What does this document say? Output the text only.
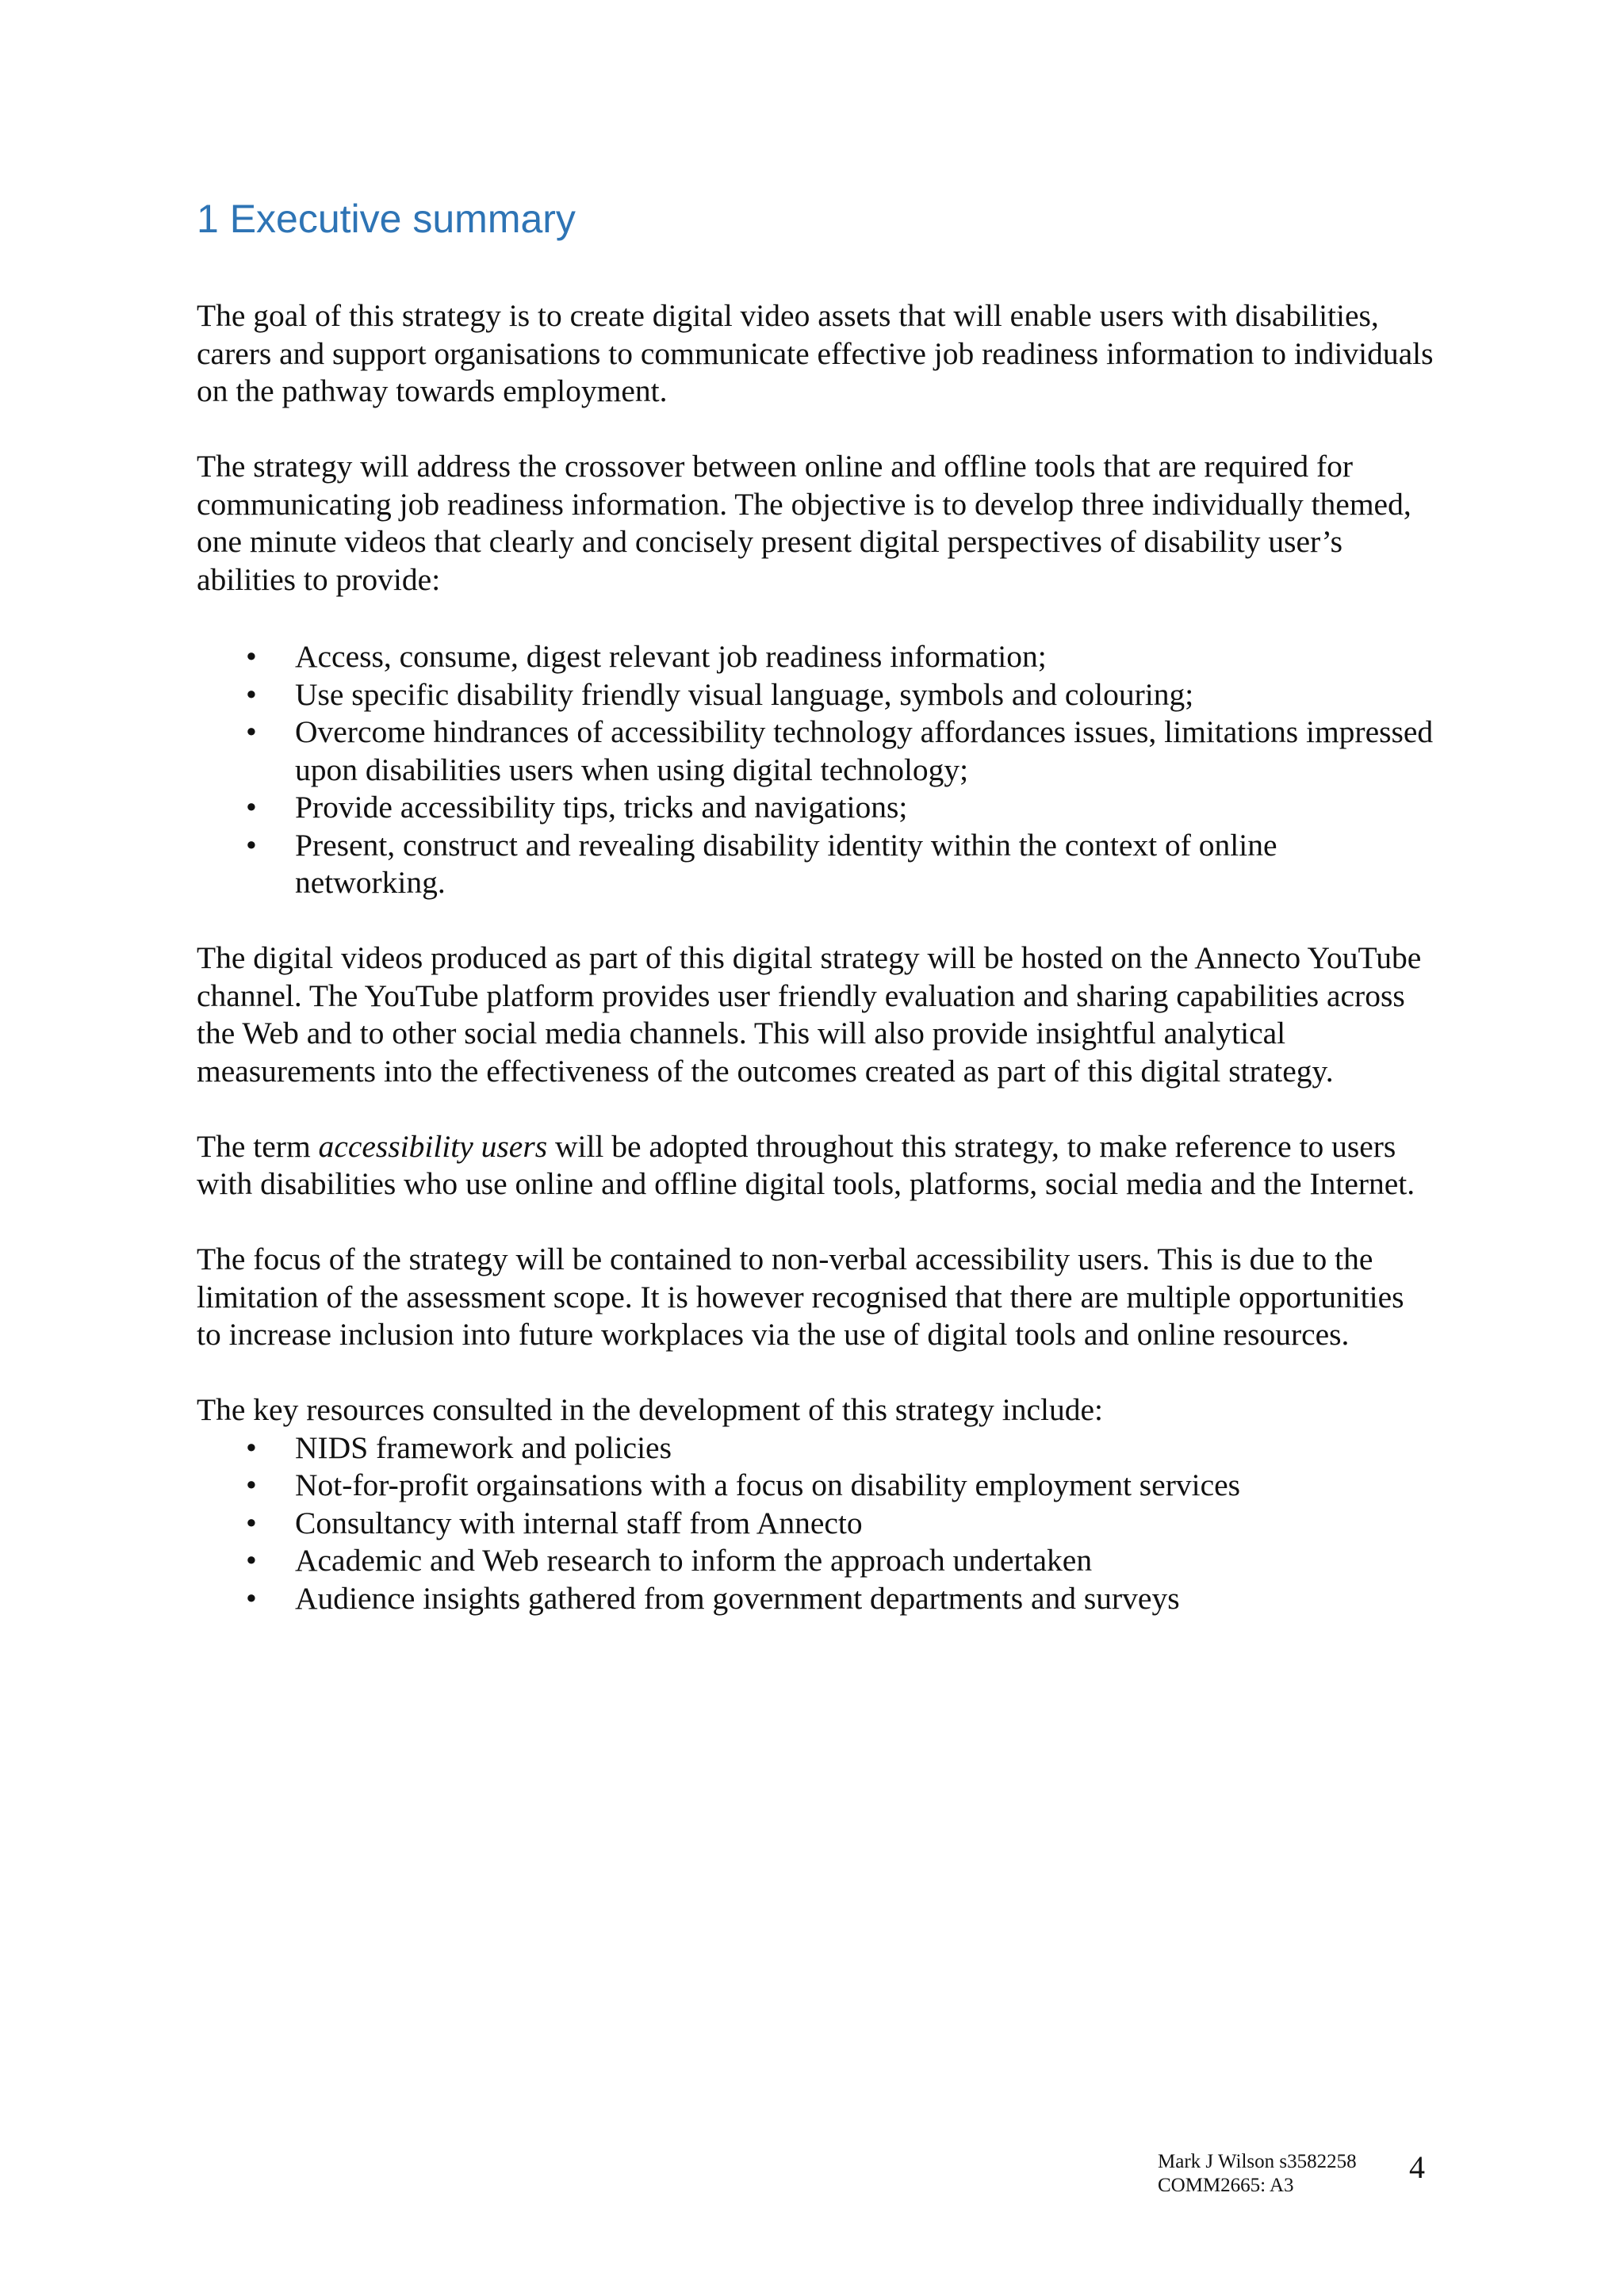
1 Executive summary

The goal of this strategy is to create digital video assets that will enable users with disabilities, carers and support organisations to communicate effective job readiness information to individuals on the pathway towards employment.

The strategy will address the crossover between online and offline tools that are required for communicating job readiness information. The objective is to develop three individually themed, one minute videos that clearly and concisely present digital perspectives of disability user’s abilities to provide:

• Access, consume, digest relevant job readiness information;
• Use specific disability friendly visual language, symbols and colouring;
• Overcome hindrances of accessibility technology affordances issues, limitations impressed upon disabilities users when using digital technology;
• Provide accessibility tips, tricks and navigations;
• Present, construct and revealing disability identity within the context of online networking.

The digital videos produced as part of this digital strategy will be hosted on the Annecto YouTube channel. The YouTube platform provides user friendly evaluation and sharing capabilities across the Web and to other social media channels. This will also provide insightful analytical measurements into the effectiveness of the outcomes created as part of this digital strategy.

The term accessibility users will be adopted throughout this strategy, to make reference to users with disabilities who use online and offline digital tools, platforms, social media and the Internet.

The focus of the strategy will be contained to non-verbal accessibility users. This is due to the limitation of the assessment scope. It is however recognised that there are multiple opportunities to increase inclusion into future workplaces via the use of digital tools and online resources.

The key resources consulted in the development of this strategy include:

• NIDS framework and policies
• Not-for-profit orgainsations with a focus on disability employment services
• Consultancy with internal staff from Annecto
• Academic and Web research to inform the approach undertaken
• Audience insights gathered from government departments and surveys
Mark J Wilson s3582258
COMM2665: A3
4
